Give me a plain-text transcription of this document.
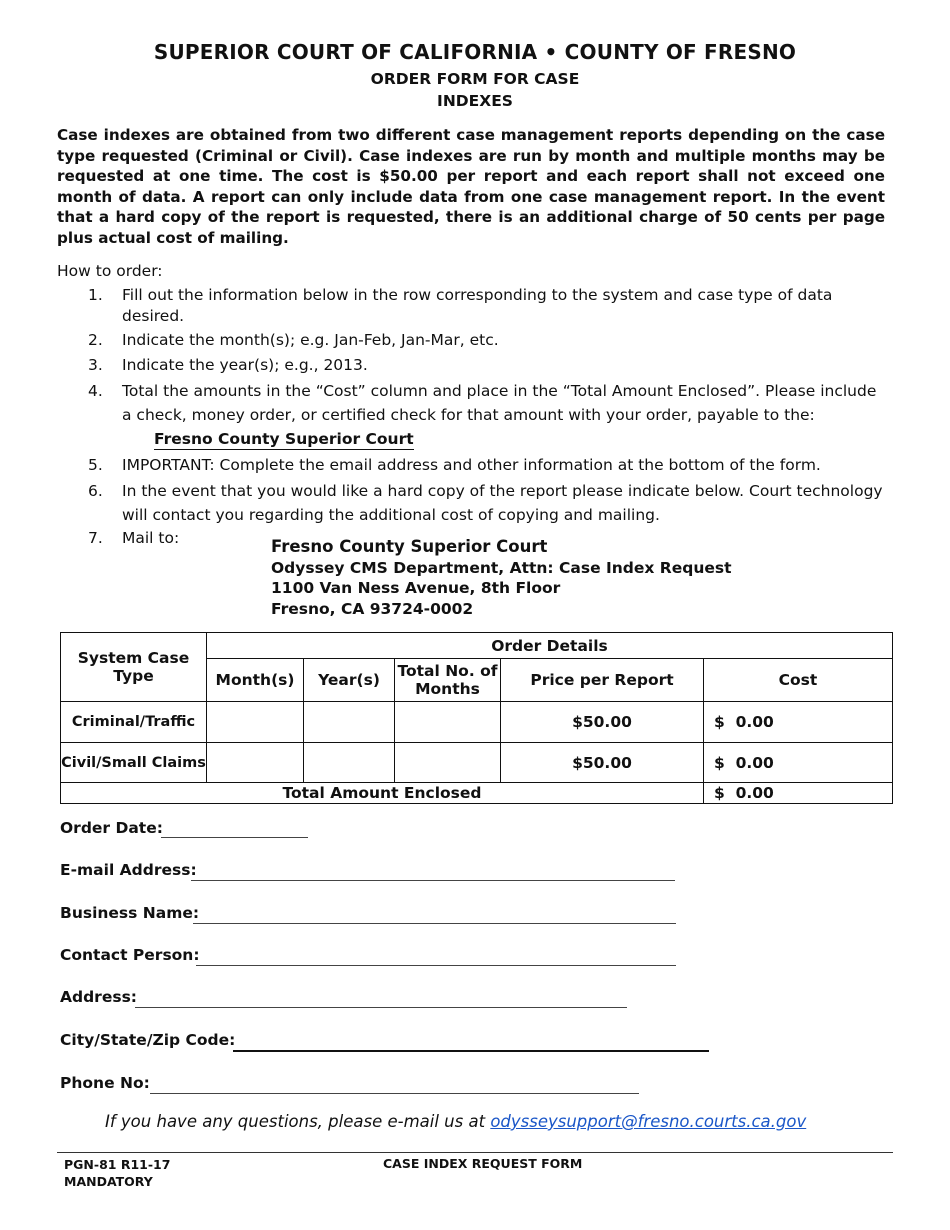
SUPERIOR COURT OF CALIFORNIA • COUNTY OF FRESNO
ORDER FORM FOR CASE
INDEXES
Case indexes are obtained from two different case management reports depending on the case type requested (Criminal or Civil). Case indexes are run by month and multiple months may be requested at one time. The cost is $50.00 per report and each report shall not exceed one month of data. A report can only include data from one case management report. In the event that a hard copy of the report is requested, there is an additional charge of 50 cents per page plus actual cost of mailing.
How to order:
1.	Fill out the information below in the row corresponding to the system and case type of data desired.
2.	Indicate the month(s); e.g. Jan-Feb, Jan-Mar, etc.
3.	Indicate the year(s); e.g., 2013.
4.	Total the amounts in the “Cost” column and place in the “Total Amount Enclosed”. Please include a check, money order, or certified check for that amount with your order, payable to the:Fresno County Superior Court
5.	IMPORTANT: Complete the email address and other information at the bottom of the form.
6.	In the event that you would like a hard copy of the report please indicate below. Court technology will contact you regarding the additional cost of copying and mailing.
7.	Mail to:	Fresno County Superior Court
Odyssey CMS Department, Attn: Case Index Request
1100 Van Ness Avenue, 8th Floor
Fresno, CA 93724-0002
System Case Type	Order Details				
	Month(s)	Year(s)	Total No. of Months	Price per Report	Cost
Criminal/Traffic				$50.00	$  0.00
Civil/Small Claims				$50.00	$  0.00
Total Amount Enclosed					$  0.00
Order Date:
E-mail Address:
Business Name:
Contact Person:
Address:
City/State/Zip Code:
Phone No:
If you have any questions, please e-mail us at odysseysupport@fresno.courts.ca.gov
PGN-81 R11-17
MANDATORY
CASE INDEX REQUEST FORM
